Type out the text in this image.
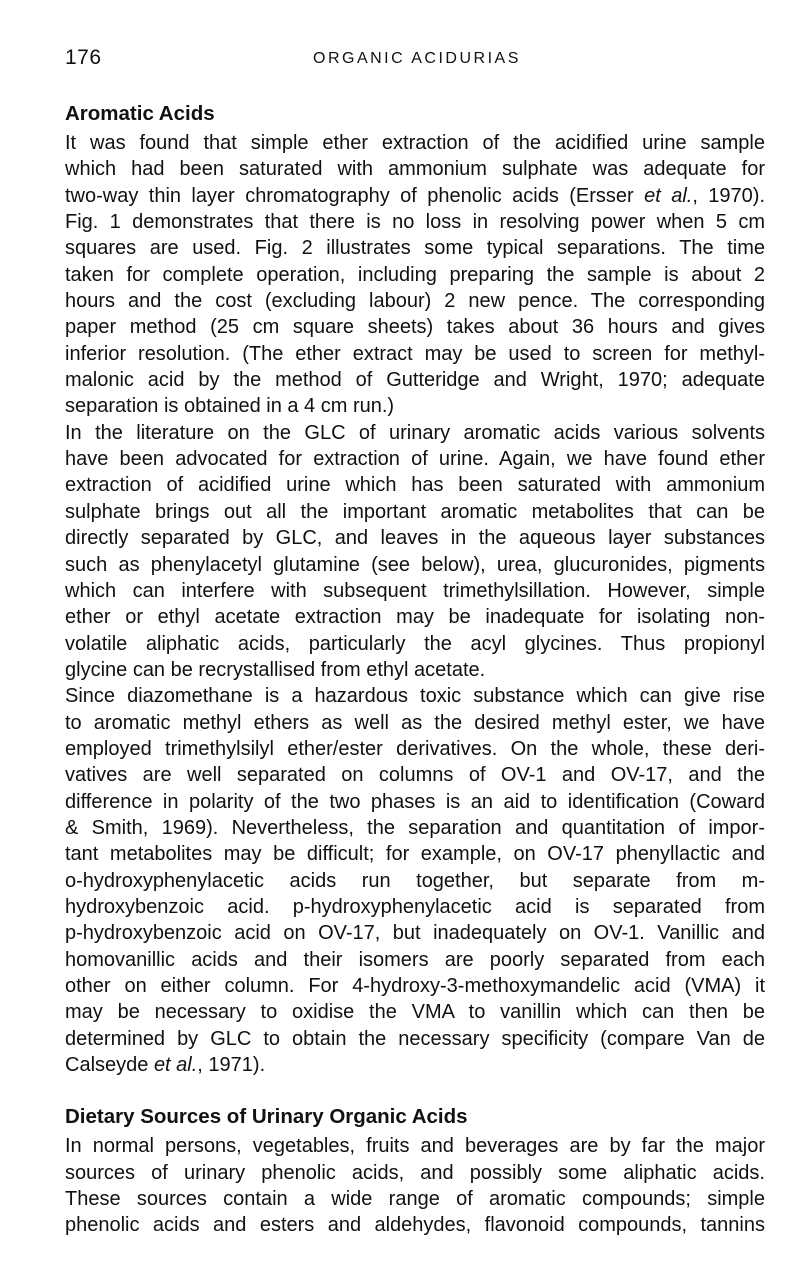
176	ORGANIC ACIDURIAS
Aromatic Acids

It was found that simple ether extraction of the acidified urine sample
which had been saturated with ammonium sulphate was adequate for
two-way thin layer chromatography of phenolic acids (Ersser et al., 1970).
Fig. 1 demonstrates that there is no loss in resolving power when 5 cm
squares are used. Fig. 2 illustrates some typical separations. The time
taken for complete operation, including preparing the sample is about 2
hours and the cost (excluding labour) 2 new pence. The corresponding
paper method (25 cm square sheets) takes about 36 hours and gives
inferior resolution. (The ether extract may be used to screen for methyl-
malonic acid by the method of Gutteridge and Wright, 1970; adequate
separation is obtained in a 4 cm run.)

In the literature on the GLC of urinary aromatic acids various solvents
have been advocated for extraction of urine. Again, we have found ether
extraction of acidified urine which has been saturated with ammonium
sulphate brings out all the important aromatic metabolites that can be
directly separated by GLC, and leaves in the aqueous layer substances
such as phenylacetyl glutamine (see below), urea, glucuronides, pigments
which can interfere with subsequent trimethylsillation. However, simple
ether or ethyl acetate extraction may be inadequate for isolating non-
volatile aliphatic acids, particularly the acyl glycines. Thus propionyl
glycine can be recrystallised from ethyl acetate.

Since diazomethane is a hazardous toxic substance which can give rise
to aromatic methyl ethers as well as the desired methyl ester, we have
employed trimethylsilyl ether/ester derivatives. On the whole, these deri-
vatives are well separated on columns of OV-1 and OV-17, and the
difference in polarity of the two phases is an aid to identification (Coward
& Smith, 1969). Nevertheless, the separation and quantitation of impor-
tant metabolites may be difficult; for example, on OV-17 phenyllactic and
o-hydroxyphenylacetic acids run together, but separate from m-
hydroxybenzoic acid. p-hydroxyphenylacetic acid is separated from
p-hydroxybenzoic acid on OV-17, but inadequately on OV-1. Vanillic and
homovanillic acids and their isomers are poorly separated from each
other on either column. For 4-hydroxy-3-methoxymandelic acid (VMA) it
may be necessary to oxidise the VMA to vanillin which can then be
determined by GLC to obtain the necessary specificity (compare Van de
Calseyde et al., 1971).

Dietary Sources of Urinary Organic Acids

In normal persons, vegetables, fruits and beverages are by far the major
sources of urinary phenolic acids, and possibly some aliphatic acids.
These sources contain a wide range of aromatic compounds; simple
phenolic acids and esters and aldehydes, flavonoid compounds, tannins
